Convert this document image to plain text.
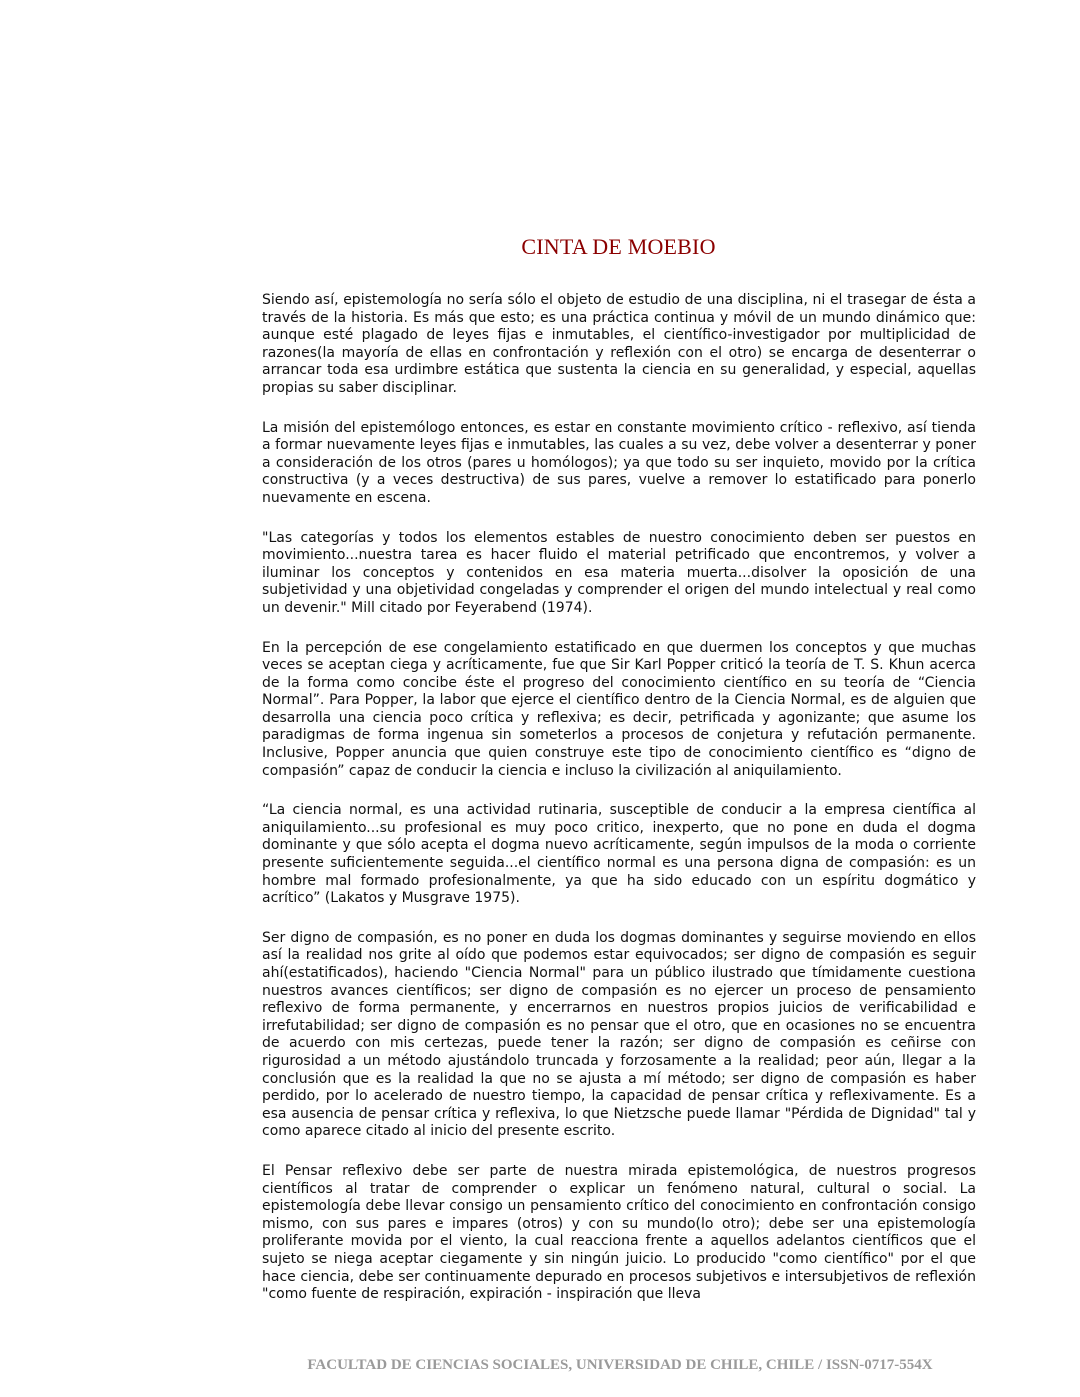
CINTA DE MOEBIO

Siendo así, epistemología no sería sólo el objeto de estudio de una disciplina, ni el trasegar de ésta a través de la historia. Es más que esto; es una práctica continua y móvil de un mundo dinámico que: aunque esté plagado de leyes fijas e inmutables, el científico-investigador por multiplicidad de razones(la mayoría de ellas en confrontación y reflexión con el otro) se encarga de desenterrar o arrancar toda esa urdimbre estática que sustenta la ciencia en su generalidad, y especial, aquellas propias su saber disciplinar.

La misión del epistemólogo entonces, es estar en constante movimiento crítico - reflexivo, así tienda a formar nuevamente leyes fijas e inmutables, las cuales a su vez, debe volver a desenterrar y poner a consideración de los otros (pares u homólogos); ya que todo su ser inquieto, movido por la crítica constructiva (y a veces destructiva) de sus pares, vuelve a remover lo estatificado para ponerlo nuevamente en escena.

"Las categorías y todos los elementos estables de nuestro conocimiento deben ser puestos en movimiento...nuestra tarea es hacer fluido el material petrificado que encontremos, y volver a iluminar los conceptos y contenidos en esa materia muerta...disolver la oposición de una subjetividad y una objetividad congeladas y comprender el origen del mundo intelectual y real como un devenir." Mill citado por Feyerabend (1974).

En la percepción de ese congelamiento estatificado en que duermen los conceptos y que muchas veces se aceptan ciega y acríticamente, fue que Sir Karl Popper criticó la teoría de T. S. Khun acerca de la forma como concibe éste el progreso del conocimiento científico en su teoría de “Ciencia Normal”. Para Popper, la labor que ejerce el científico dentro de la Ciencia Normal, es de alguien que desarrolla una ciencia poco crítica y reflexiva; es decir, petrificada y agonizante; que asume los paradigmas de forma ingenua sin someterlos a procesos de conjetura y refutación permanente. Inclusive, Popper anuncia que quien construye este tipo de conocimiento científico es “digno de compasión” capaz de conducir la ciencia e incluso la civilización al aniquilamiento.

“La ciencia normal, es una actividad rutinaria, susceptible de conducir a la empresa científica al aniquilamiento...su profesional es muy poco critico, inexperto, que no pone en duda el dogma dominante y que sólo acepta el dogma nuevo acríticamente, según impulsos de la moda o corriente presente suficientemente seguida...el científico normal es una persona digna de compasión: es un hombre mal formado profesionalmente, ya que ha sido educado con un espíritu dogmático y acrítico” (Lakatos y Musgrave 1975).

Ser digno de compasión, es no poner en duda los dogmas dominantes y seguirse moviendo en ellos así la realidad nos grite al oído que podemos estar equivocados; ser digno de compasión es seguir ahí(estatificados), haciendo "Ciencia Normal" para un público ilustrado que tímidamente cuestiona nuestros avances científicos; ser digno de compasión es no ejercer un proceso de pensamiento reflexivo de forma permanente, y encerrarnos en nuestros propios juicios de verificabilidad e irrefutabilidad; ser digno de compasión es no pensar que el otro, que en ocasiones no se encuentra de acuerdo con mis certezas, puede tener la razón; ser digno de compasión es ceñirse con rigurosidad a un método ajustándolo truncada y forzosamente a la realidad; peor aún, llegar a la conclusión que es la realidad la que no se ajusta a mí método; ser digno de compasión es haber perdido, por lo acelerado de nuestro tiempo, la capacidad de pensar crítica y reflexivamente. Es a esa ausencia de pensar crítica y reflexiva, lo que Nietzsche puede llamar "Pérdida de Dignidad" tal y como aparece citado al inicio del presente escrito.

El Pensar reflexivo debe ser parte de nuestra mirada epistemológica, de nuestros progresos científicos al tratar de comprender o explicar un fenómeno natural, cultural o social. La epistemología debe llevar consigo un pensamiento crítico del conocimiento en confrontación consigo mismo, con sus pares e impares (otros) y con su mundo(lo otro); debe ser una epistemología proliferante movida por el viento, la cual reacciona frente a aquellos adelantos científicos que el sujeto se niega aceptar ciegamente y sin ningún juicio. Lo producido "como científico" por el que hace ciencia, debe ser continuamente depurado en procesos subjetivos e intersubjetivos de reflexión "como fuente de respiración, expiración - inspiración que lleva

FACULTAD DE CIENCIAS SOCIALES, UNIVERSIDAD DE CHILE, CHILE / ISSN-0717-554X
